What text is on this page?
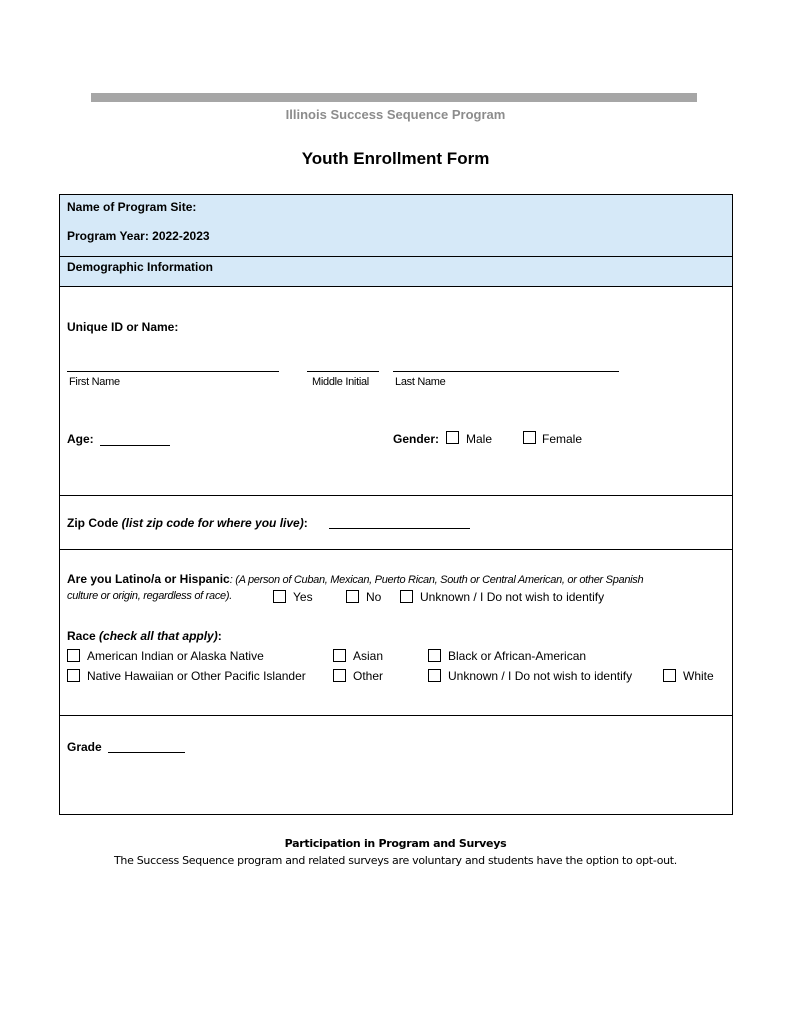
Illinois Success Sequence Program
Youth Enrollment Form
Name of Program Site:
Program Year: 2022-2023
Demographic Information
Unique ID or Name:
First Name	Middle Initial Last Name
Age:	Gender: Male	Female
Zip Code (list zip code for where you live):
Are you Latino/a or Hispanic: (A person of Cuban, Mexican, Puerto Rican, South or Central American, or other Spanish
culture or origin, regardless of race).	Yes	No	Unknown / I Do not wish to identify
Race (check all that apply):
American Indian or Alaska Native	Asian	Black or African-American
Native Hawaiian or Other Pacific Islander	Other	Unknown / I Do not wish to identify	White
Grade
Participation in Program and Surveys
The Success Sequence program and related surveys are voluntary and students have the option to opt-out.
